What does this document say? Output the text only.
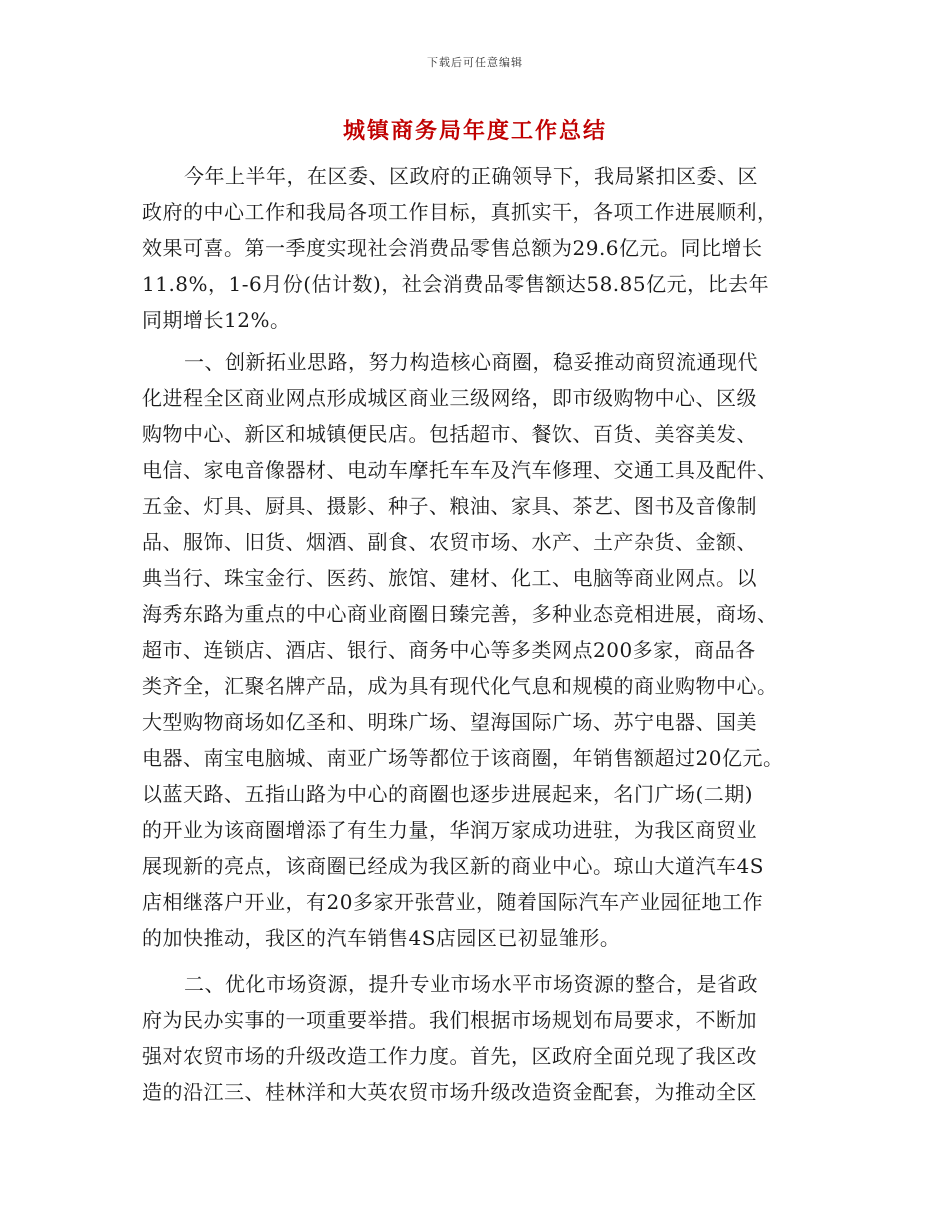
下载后可任意编辑
城镇商务局年度工作总结
今年上半年，在区委、区政府的正确领导下，我局紧扣区委、区
政府的中心工作和我局各项工作目标，真抓实干，各项工作进展顺利，
效果可喜。第一季度实现社会消费品零售总额为29.6亿元。同比增长
11.8%，1-6月份(估计数)，社会消费品零售额达58.85亿元，比去年
同期增长12%。
一、创新拓业思路，努力构造核心商圈，稳妥推动商贸流通现代
化进程全区商业网点形成城区商业三级网络，即市级购物中心、区级
购物中心、新区和城镇便民店。包括超市、餐饮、百货、美容美发、
电信、家电音像器材、电动车摩托车车及汽车修理、交通工具及配件、
五金、灯具、厨具、摄影、种子、粮油、家具、茶艺、图书及音像制
品、服饰、旧货、烟酒、副食、农贸市场、水产、土产杂货、金额、
典当行、珠宝金行、医药、旅馆、建材、化工、电脑等商业网点。以
海秀东路为重点的中心商业商圈日臻完善，多种业态竞相进展，商场、
超市、连锁店、酒店、银行、商务中心等多类网点200多家，商品各
类齐全，汇聚名牌产品，成为具有现代化气息和规模的商业购物中心。
大型购物商场如亿圣和、明珠广场、望海国际广场、苏宁电器、国美
电器、南宝电脑城、南亚广场等都位于该商圈，年销售额超过20亿元。
以蓝天路、五指山路为中心的商圈也逐步进展起来，名门广场(二期)
的开业为该商圈增添了有生力量，华润万家成功进驻，为我区商贸业
展现新的亮点，该商圈已经成为我区新的商业中心。琼山大道汽车4S
店相继落户开业，有20多家开张营业，随着国际汽车产业园征地工作
的加快推动，我区的汽车销售4S店园区已初显雏形。
二、优化市场资源，提升专业市场水平市场资源的整合，是省政
府为民办实事的一项重要举措。我们根据市场规划布局要求，不断加
强对农贸市场的升级改造工作力度。首先，区政府全面兑现了我区改
造的沿江三、桂林洋和大英农贸市场升级改造资金配套，为推动全区
